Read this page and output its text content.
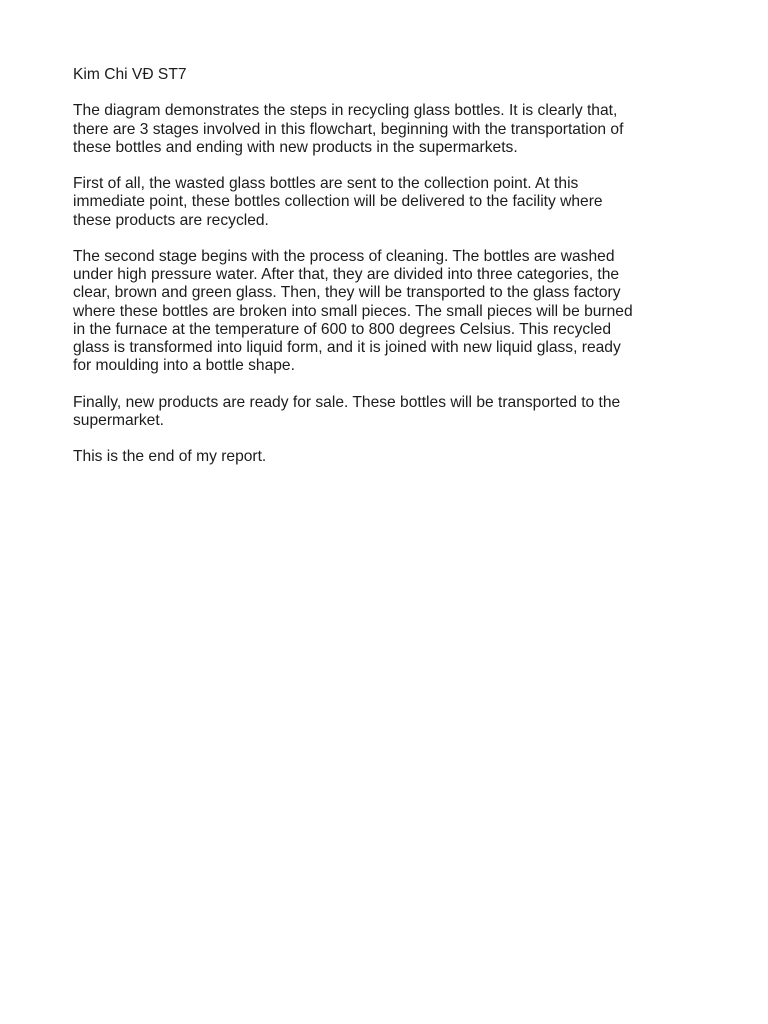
Kim Chi VĐ ST7

The diagram demonstrates the steps in recycling glass bottles. It is clearly that,
there are 3 stages involved in this flowchart, beginning with the transportation of
these bottles and ending with new products in the supermarkets.

First of all, the wasted glass bottles are sent to the collection point. At this
immediate point, these bottles collection will be delivered to the facility where
these products are recycled.

The second stage begins with the process of cleaning. The bottles are washed
under high pressure water. After that, they are divided into three categories, the
clear, brown and green glass. Then, they will be transported to the glass factory
where these bottles are broken into small pieces. The small pieces will be burned
in the furnace at the temperature of 600 to 800 degrees Celsius. This recycled
glass is transformed into liquid form, and it is joined with new liquid glass, ready
for moulding into a bottle shape.

Finally, new products are ready for sale. These bottles will be transported to the
supermarket.

This is the end of my report.
